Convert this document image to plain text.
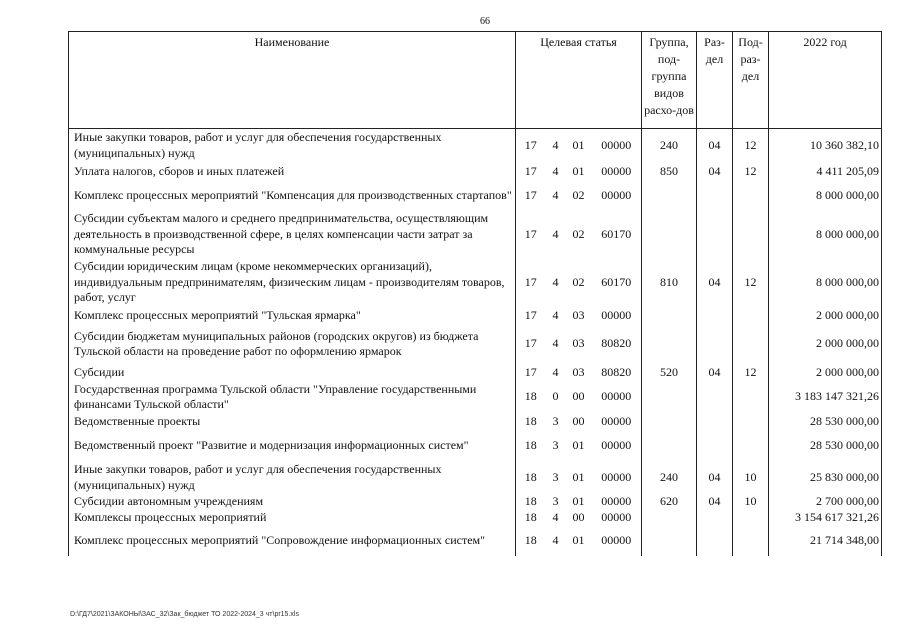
66
Наименование	Целевая статья				Группа, под-группа видов расхо-дов	Раз-дел	Под-раз-дел	2022 год
Иные закупки товаров, работ и услуг для обеспечения государственных (муниципальных) нужд	17	4	01	00000	240	04	12	10 360 382,10
Уплата налогов, сборов и иных платежей	17	4	01	00000	850	04	12	4 411 205,09
Комплекс процессных мероприятий "Компенсация для производственных стартапов"	17	4	02	00000				8 000 000,00
Субсидии субъектам малого и среднего предпринимательства, осуществляющим деятельность в производственной сфере, в целях компенсации части затрат за коммунальные ресурсы	17	4	02	60170				8 000 000,00
Субсидии юридическим лицам (кроме некоммерческих организаций), индивидуальным предпринимателям, физическим лицам - производителям товаров, работ, услуг	17	4	02	60170	810	04	12	8 000 000,00
Комплекс процессных мероприятий "Тульская ярмарка"	17	4	03	00000				2 000 000,00
Субсидии бюджетам муниципальных районов (городских округов) из бюджета Тульской области на проведение работ по оформлению ярмарок	17	4	03	80820				2 000 000,00
Субсидии	17	4	03	80820	520	04	12	2 000 000,00
Государственная программа Тульской области "Управление государственными финансами Тульской области"	18	0	00	00000				3 183 147 321,26
Ведомственные проекты	18	3	00	00000				28 530 000,00
Ведомственный проект "Развитие и модернизация информационных систем"	18	3	01	00000				28 530 000,00
Иные закупки товаров, работ и услуг для обеспечения государственных (муниципальных) нужд	18	3	01	00000	240	04	10	25 830 000,00
Субсидии автономным учреждениям	18	3	01	00000	620	04	10	2 700 000,00
Комплексы процессных мероприятий	18	4	00	00000				3 154 617 321,26
Комплекс процессных мероприятий "Сопровождение информационных систем"	18	4	01	00000				21 714 348,00
D:\ГД7\2021\ЗАКОНЫ\ЗАС_32\Зак_бюджет ТО 2022-2024_3 чт\pr15.xls
